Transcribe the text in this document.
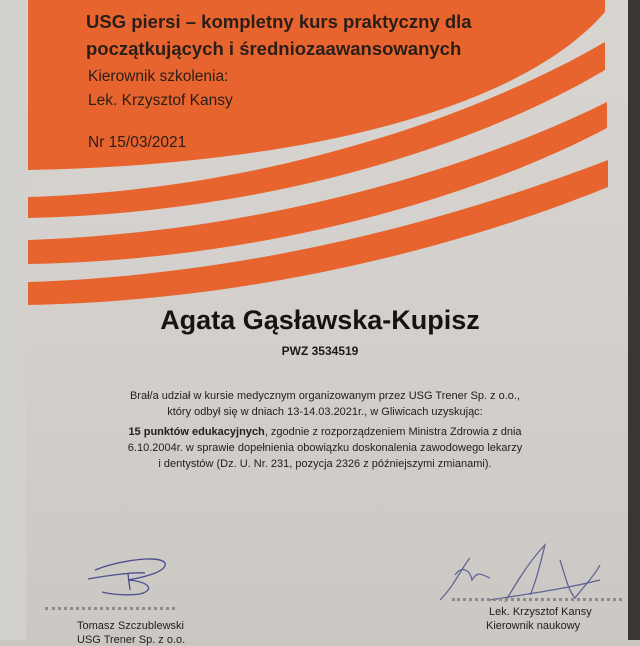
USG piersi – kompletny kurs praktyczny dla
początkujących i średniozaawansowanych
Kierownik szkolenia:
Lek. Krzysztof Kansy
Nr 15/03/2021
Agata Gąsławska-Kupisz
PWZ 3534519
Brał/a udział w kursie medycznym organizowanym przez USG Trener Sp. z o.o.,
który odbył się w dniach 13-14.03.2021r., w Gliwicach uzyskując:
15 punktów edukacyjnych, zgodnie z rozporządzeniem Ministra Zdrowia z dnia
6.10.2004r. w sprawie dopełnienia obowiązku doskonalenia zawodowego lekarzy
i dentystów (Dz. U. Nr. 231, pozycja 2326 z późniejszymi zmianami).
Tomasz Szczublewski
USG Trener Sp. z o.o.
Lek. Krzysztof Kansy
Kierownik naukowy
